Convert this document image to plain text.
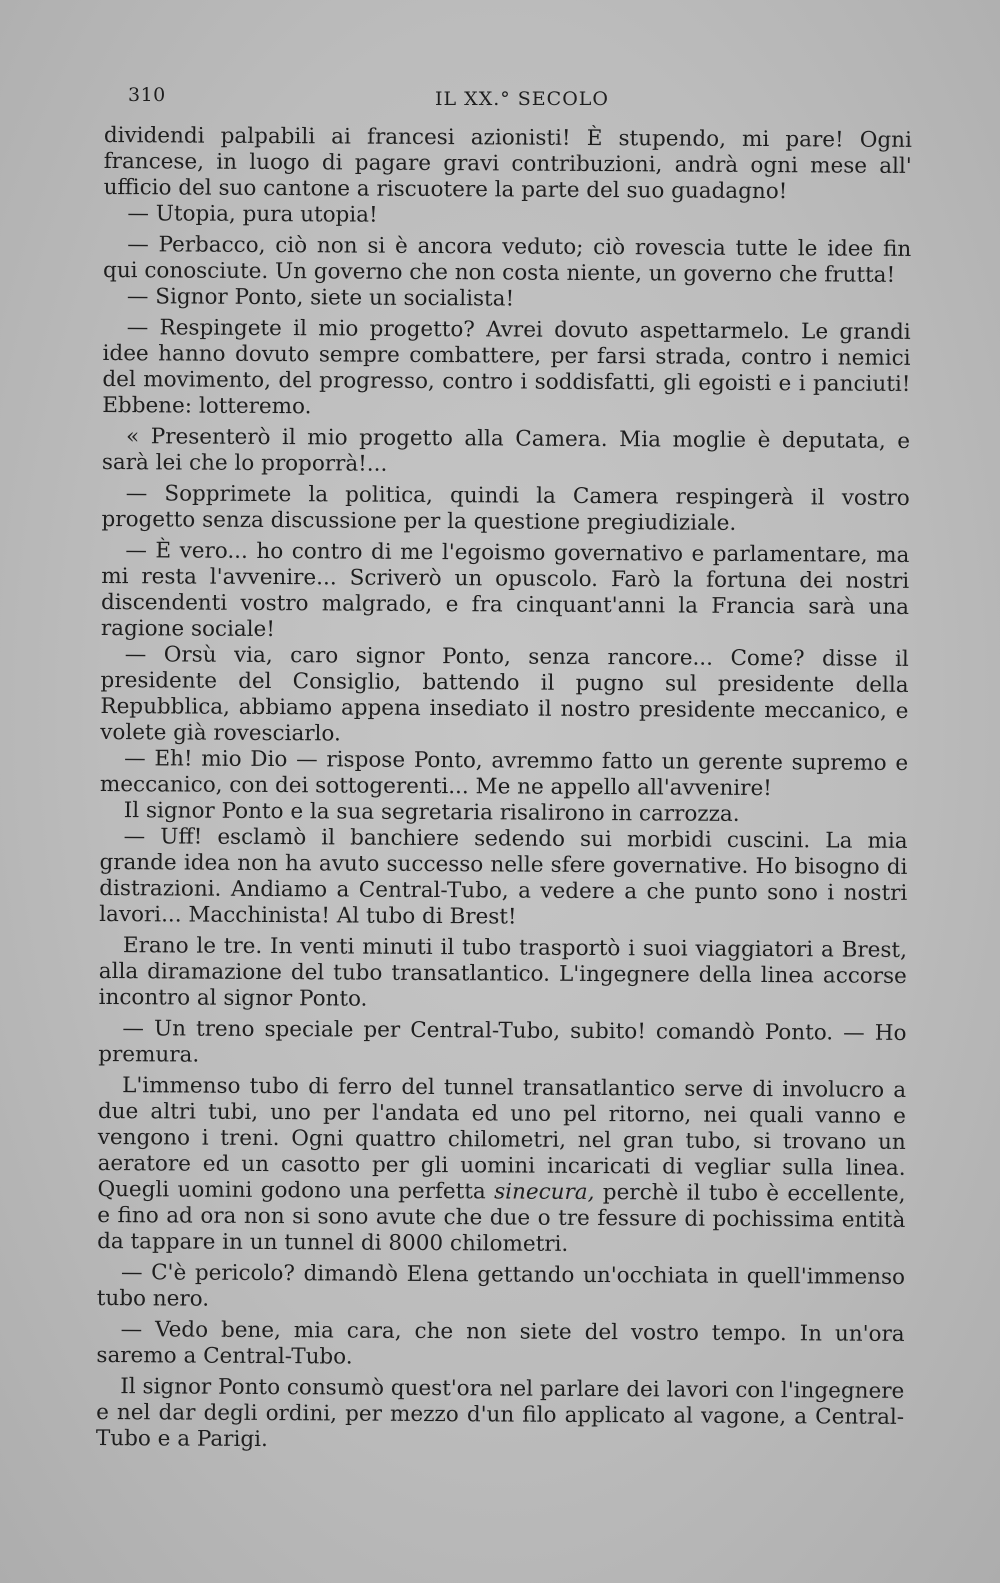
310	IL XX.° SECOLO

dividendi palpabili ai francesi azionisti! È stupendo, mi pare! Ogni francese, in luogo di pagare gravi contribuzioni, andrà ogni mese all' ufficio del suo cantone a riscuotere la parte del suo guadagno!

— Utopia, pura utopia!

— Perbacco, ciò non si è ancora veduto; ciò rovescia tutte le idee fin qui conosciute. Un governo che non costa niente, un governo che frutta!

— Signor Ponto, siete un socialista!

— Respingete il mio progetto? Avrei dovuto aspettarmelo. Le grandi idee hanno dovuto sempre combattere, per farsi strada, contro i nemici del movimento, del progresso, contro i soddisfatti, gli egoisti e i panciuti! Ebbene: lotteremo.

« Presenterò il mio progetto alla Camera. Mia moglie è deputata, e sarà lei che lo proporrà!...

— Sopprimete la politica, quindi la Camera respingerà il vostro progetto senza discussione per la questione pregiudiziale.

— È vero... ho contro di me l'egoismo governativo e parlamentare, ma mi resta l'avvenire... Scriverò un opuscolo. Farò la fortuna dei nostri discendenti vostro malgrado, e fra cinquant'anni la Francia sarà una ragione sociale!

— Orsù via, caro signor Ponto, senza rancore... Come? disse il presidente del Consiglio, battendo il pugno sul presidente della Repubblica, abbiamo appena insediato il nostro presidente meccanico, e volete già rovesciarlo.

— Eh! mio Dio — rispose Ponto, avremmo fatto un gerente supremo e meccanico, con dei sottogerenti... Me ne appello all'avvenire!

Il signor Ponto e la sua segretaria risalirono in carrozza.

— Uff! esclamò il banchiere sedendo sui morbidi cuscini. La mia grande idea non ha avuto successo nelle sfere governative. Ho bisogno di distrazioni. Andiamo a Central-Tubo, a vedere a che punto sono i nostri lavori... Macchinista! Al tubo di Brest!

Erano le tre. In venti minuti il tubo trasportò i suoi viaggiatori a Brest, alla diramazione del tubo transatlantico. L'ingegnere della linea accorse incontro al signor Ponto.

— Un treno speciale per Central-Tubo, subito! comandò Ponto. — Ho premura.

L'immenso tubo di ferro del tunnel transatlantico serve di involucro a due altri tubi, uno per l'andata ed uno pel ritorno, nei quali vanno e vengono i treni. Ogni quattro chilometri, nel gran tubo, si trovano un aeratore ed un casotto per gli uomini incaricati di vegliar sulla linea. Quegli uomini godono una perfetta sinecura, perchè il tubo è eccellente, e fino ad ora non si sono avute che due o tre fessure di pochissima entità da tappare in un tunnel di 8000 chilometri.

— C'è pericolo? dimandò Elena gettando un'occhiata in quell'immenso tubo nero.

— Vedo bene, mia cara, che non siete del vostro tempo. In un'ora saremo a Central-Tubo.

Il signor Ponto consumò quest'ora nel parlare dei lavori con l'ingegnere e nel dar degli ordini, per mezzo d'un filo applicato al vagone, a Central-Tubo e a Parigi.
